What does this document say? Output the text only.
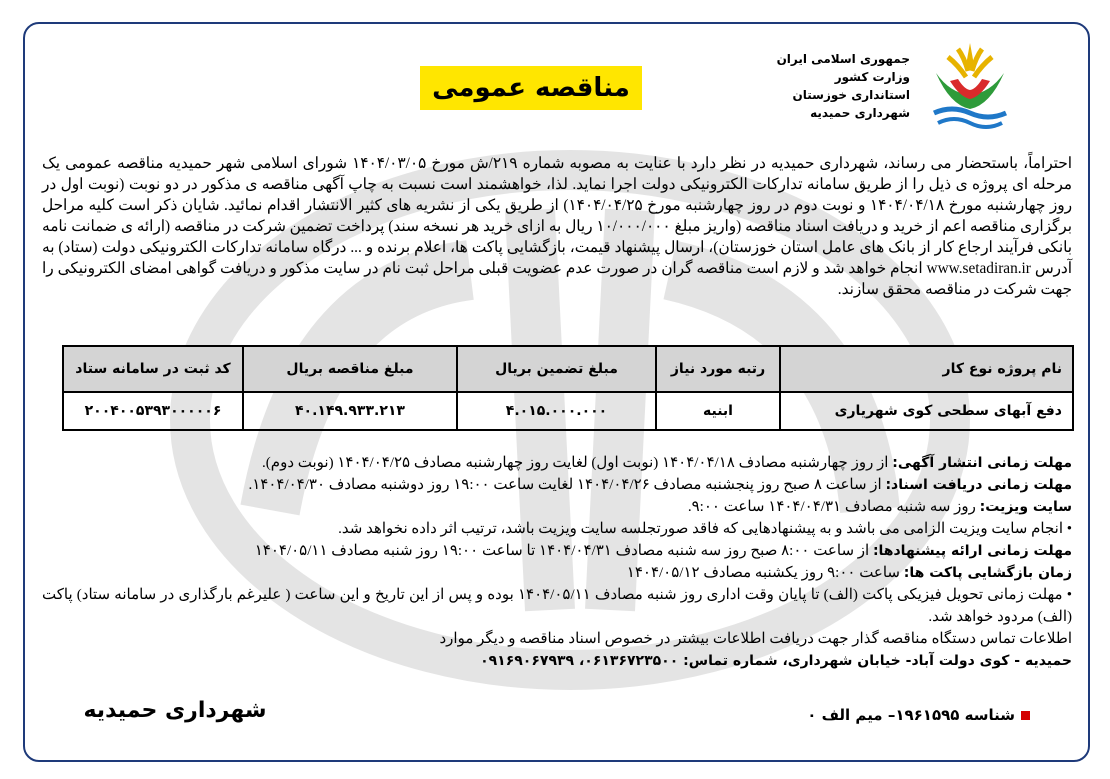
جمهوری اسلامی ایران
وزارت کشور
استانداری خوزستان
شهرداری حمیدیه
مناقصه عمومی
احتراماً، باستحضار می رساند، شهرداری حمیدیه در نظر دارد با عنایت به مصوبه شماره ۲۱۹/ش مورخ ۱۴۰۴/۰۳/۰۵ شورای اسلامی شهر حمیدیه مناقصه عمومی یک مرحله ای پروژه ی ذیل را از طریق سامانه تدارکات الکترونیکی دولت اجرا نماید. لذا، خواهشمند است نسبت به چاپ آگهی مناقصه ی مذکور در دو نوبت (نوبت اول در روز چهارشنبه مورخ ۱۴۰۴/۰۴/۱۸ و نوبت دوم در روز چهارشنبه مورخ ۱۴۰۴/۰۴/۲۵) از طریق یکی از نشریه های کثیر الانتشار اقدام نمائید. شایان ذکر است کلیه مراحل برگزاری مناقصه اعم از خرید و دریافت اسناد مناقصه (واریز مبلغ ۱۰/۰۰۰/۰۰۰ ریال به ازای خرید هر نسخه سند) پرداخت تضمین شرکت در مناقصه (ارائه ی ضمانت نامه بانکی فرآیند ارجاع کار از بانک های عامل استان خوزستان)، ارسال پیشنهاد قیمت، بازگشایی پاکت ها، اعلام برنده و ... درگاه سامانه تدارکات الکترونیکی دولت (ستاد) به آدرس www.setadiran.ir انجام خواهد شد و لازم است مناقصه گران در صورت عدم عضویت قبلی مراحل ثبت نام در سایت مذکور و دریافت گواهی امضای الکترونیکی را جهت شرکت در مناقصه محقق سازند.
نام پروژه نوع کار	رتبه مورد نیاز	مبلغ تضمین بریال	مبلغ مناقصه بریال	کد ثبت در سامانه ستاد
دفع آبهای سطحی کوی شهریاری	ابنیه	۴.۰۱۵.۰۰۰.۰۰۰	۴۰.۱۴۹.۹۳۳.۲۱۳	۲۰۰۴۰۰۵۳۹۳۰۰۰۰۰۶
مهلت زمانی انتشار آگهی: از روز چهارشنبه مصادف ۱۴۰۴/۰۴/۱۸ (نوبت اول) لغایت روز چهارشنبه مصادف ۱۴۰۴/۰۴/۲۵ (نوبت دوم).
مهلت زمانی دریافت اسناد: از ساعت ۸ صبح روز پنجشنبه مصادف ۱۴۰۴/۰۴/۲۶ لغایت ساعت ۱۹:۰۰ روز دوشنبه مصادف ۱۴۰۴/۰۴/۳۰.
سایت ویزیت: روز سه شنبه مصادف ۱۴۰۴/۰۴/۳۱ ساعت ۹:۰۰.
• انجام سایت ویزیت الزامی می باشد و به پیشنهادهایی که فاقد صورتجلسه سایت ویزیت باشد، ترتیب اثر داده نخواهد شد.
مهلت زمانی ارائه پیشنهادها: از ساعت ۸:۰۰ صبح روز سه شنبه مصادف ۱۴۰۴/۰۴/۳۱ تا ساعت ۱۹:۰۰ روز شنبه مصادف ۱۴۰۴/۰۵/۱۱
زمان بازگشایی پاکت ها: ساعت ۹:۰۰ روز یکشنبه مصادف ۱۴۰۴/۰۵/۱۲
• مهلت زمانی تحویل فیزیکی پاکت (الف) تا پایان وقت اداری روز شنبه مصادف ۱۴۰۴/۰۵/۱۱ بوده و پس از این تاریخ و این ساعت ( علیرغم بارگذاری در سامانه ستاد) پاکت (الف) مردود خواهد شد.
اطلاعات تماس دستگاه مناقصه گذار جهت دریافت اطلاعات بیشتر در خصوص اسناد مناقصه و دیگر موارد
حمیدیه - کوی دولت آباد- خیابان شهرداری، شماره تماس: ۰۶۱۳۶۷۲۳۵۰۰، ۰۹۱۶۹۰۶۷۹۳۹
شناسه ۱۹۶۱۵۹۵– میم الف ۰
شهرداری حمیدیه
